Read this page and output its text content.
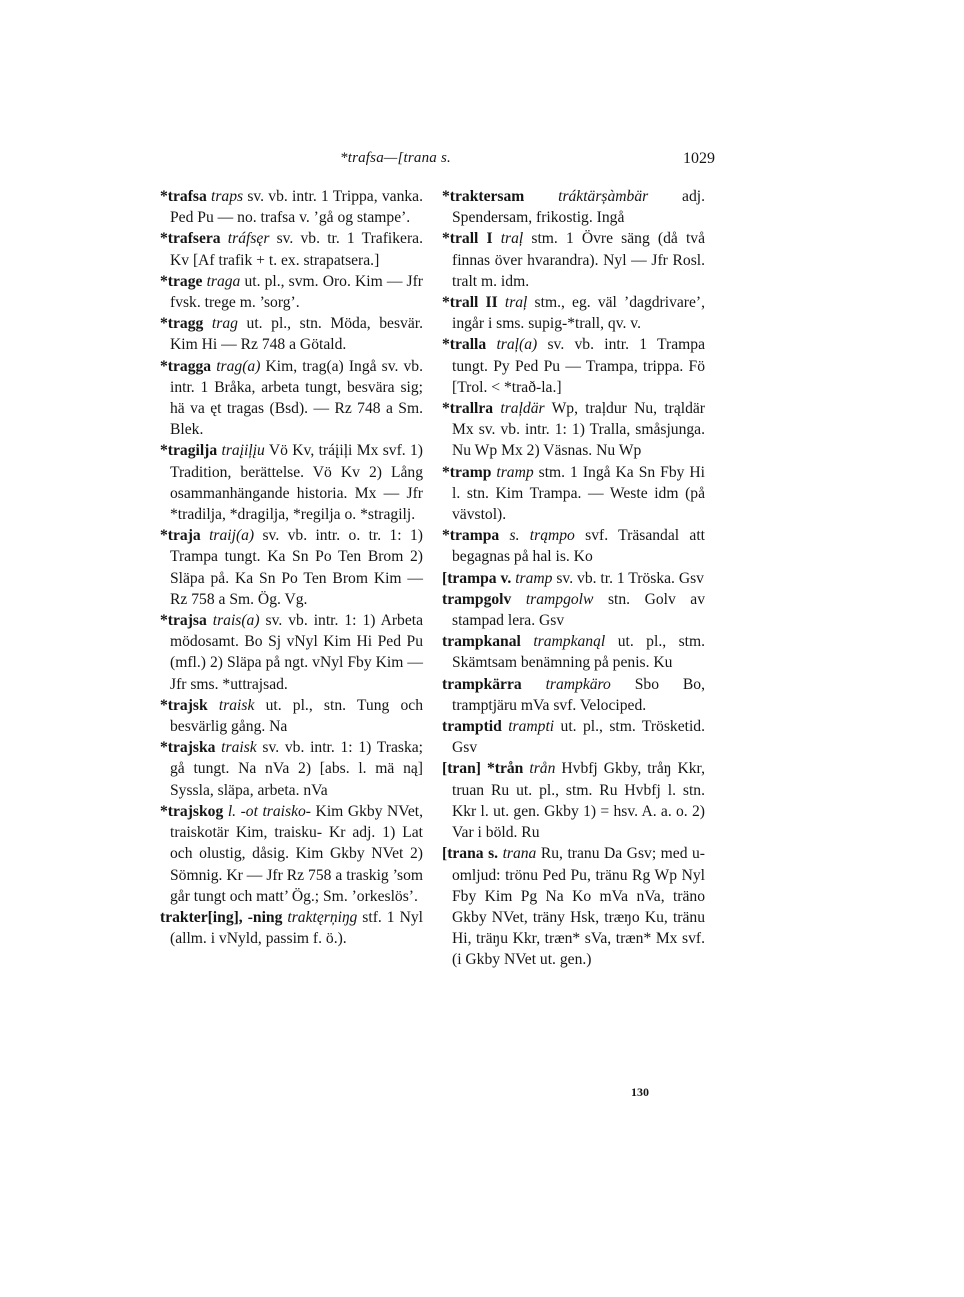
*trafsa—[trana s.	1029

*trafsa traps sv. vb. intr. 1 Trippa, vanka. Ped Pu — no. trafsa v. ’gå og stampe’.

*trafsera tráfsęr sv. vb. tr. 1 Trafikera. Kv [Af trafik + t. ex. strapatsera.]

*trage traga ut. pl., svm. Oro. Kim — Jfr fvsk. trege m. ’sorg’.

*tragg trag ut. pl., stn. Möda, besvär. Kim Hi — Rz 748 a Götald.

*tragga trag(a) Kim, trag(a) Ingå sv. vb. intr. 1 Bråka, arbeta tungt, besvära sig; hä va ęt tragas (Bsd). — Rz 748 a Sm. Blek.

*tragilja traįiļįu Vö Kv, tráįiļi Mx svf. 1) Tradition, berättelse. Vö Kv 2) Lång osammanhängande historia. Mx — Jfr *tradilja, *dragilja, *regilja o. *stragilj.

*traja traij(a) sv. vb. intr. o. tr. 1: 1) Trampa tungt. Ka Sn Po Ten Brom 2) Släpa på. Ka Sn Po Ten Brom Kim — Rz 758 a Sm. Ög. Vg.

*trajsa trais(a) sv. vb. intr. 1: 1) Arbeta mödosamt. Bo Sj vNyl Kim Hi Ped Pu (mfl.) 2) Släpa på ngt. vNyl Fby Kim — Jfr sms. *uttrajsad.

*trajsk traisk ut. pl., stn. Tung och besvärlig gång. Na

*trajska traisk sv. vb. intr. 1: 1) Traska; gå tungt. Na nVa 2) [abs. l. mä ną] Syssla, släpa, arbeta. nVa

*trajskog l. -ot traisko- Kim Gkby NVet, traiskotär Kim, traisku- Kr adj. 1) Lat och olustig, dåsig. Kim Gkby NVet 2) Sömnig. Kr — Jfr Rz 758 a traskig ’som går tungt och matt’ Ög.; Sm. ’orkeslös’.

trakter[ing], -ning traktęrņiŋg stf. 1 Nyl (allm. i vNyld, passim f. ö.).

*traktersam tráktärșàmbär adj. Spendersam, frikostig. Ingå

*trall I traļ stm. 1 Övre säng (då två finnas över hvarandra). Nyl — Jfr Rosl. tralt m. idm.

*trall II traļ stm., eg. väl ’dagdrivare’, ingår i sms. supig-*trall, qv. v.

*tralla traļ(a) sv. vb. intr. 1 Trampa tungt. Py Ped Pu — Trampa, trippa. Fö [Trol. < *trað-la.]

*trallra traļdär Wp, traļdur Nu, trąldär Mx sv. vb. intr. 1: 1) Tralla, småsjunga. Nu Wp Mx 2) Väsnas. Nu Wp

*tramp tramp stm. 1 Ingå Ka Sn Fby Hi l. stn. Kim Trampa. — Weste idm (på vävstol).

*trampa s. trąmpo svf. Träsandal att begagnas på hal is. Ko

[trampa v. tramp sv. vb. tr. 1 Tröska. Gsv

trampgolv trampgolw stn. Golv av stampad lera. Gsv

trampkanal trampkanąl ut. pl., stm. Skämtsam benämning på penis. Ku

trampkärra trampkäro Sbo Bo, tramptjäru mVa svf. Velociped.

tramptid trampti ut. pl., stm. Trösketid. Gsv

[tran] *trån trån Hvbfj Gkby, tråŋ Kkr, truan Ru ut. pl., stm. Ru Hvbfj l. stn. Kkr l. ut. gen. Gkby 1) = hsv. A. a. o. 2) Var i böld. Ru

[trana s. trana Ru, tranu Da Gsv; med u-omljud: trönu Ped Pu, tränu Rg Wp Nyl Fby Kim Pg Na Ko mVa nVa, träno Gkby NVet, träny Hsk, træŋo Ku, tränu Hi, träŋu Kkr, træn* sVa, træn* Mx svf. (i Gkby NVet ut. gen.)

130
